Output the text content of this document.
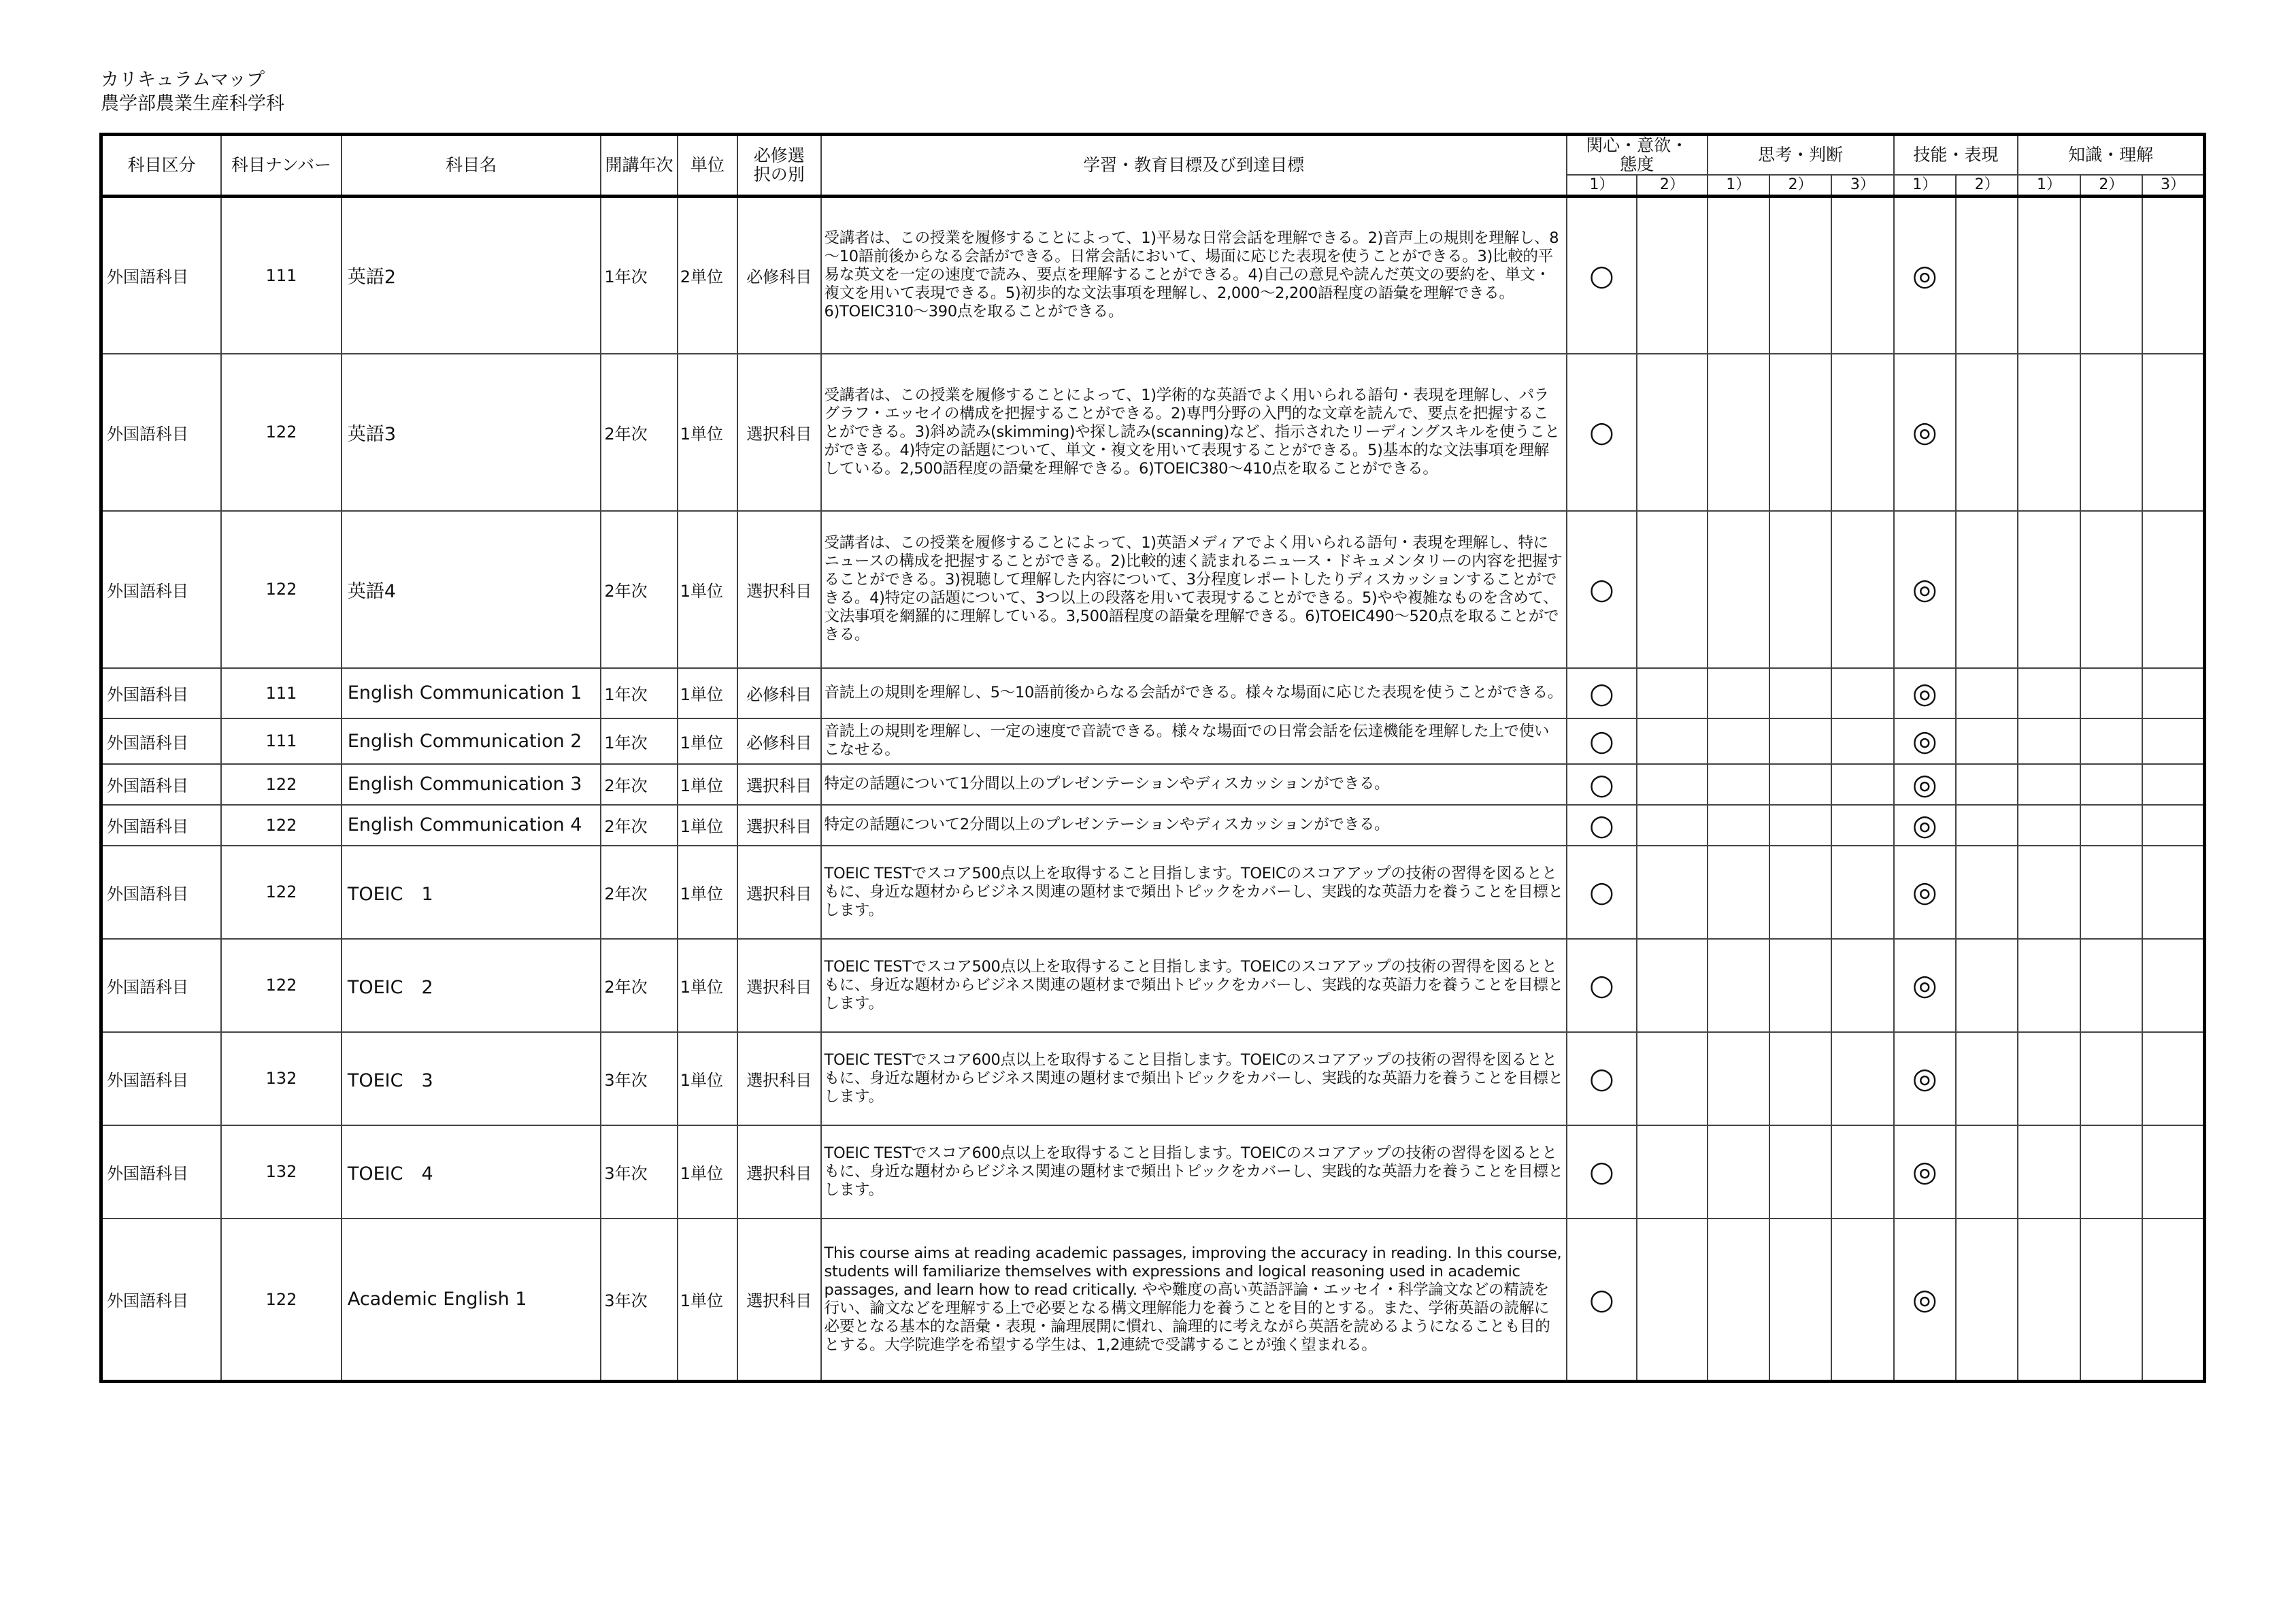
カリキュラムマップ
農学部農業生産科学科
科目区分	科目ナンバー	科目名	開講年次	単位	必修選択の別	学習・教育目標及び到達目標	関心・意欲・態度		思考・判断			技能・表現		知識・理解		
							1）	2）	1）	2）	3）	1）	2）	1）	2）	3）
外国語科目	111	英語2	1年次	2単位	必修科目	受講者は、この授業を履修することによって、1)平易な日常会話を理解できる。2)音声上の規則を理解し、8～10語前後からなる会話ができる。日常会話において、場面に応じた表現を使うことができる。3)比較的平易な英文を一定の速度で読み、要点を理解することができる。4)自己の意見や読んだ英文の要約を、単文・複文を用いて表現できる。5)初歩的な文法事項を理解し、2,000～2,200語程度の語彙を理解できる。6)TOEIC310～390点を取ることができる。	○					◎				
外国語科目	122	英語3	2年次	1単位	選択科目	受講者は、この授業を履修することによって、1)学術的な英語でよく用いられる語句・表現を理解し、パラグラフ・エッセイの構成を把握することができる。2)専門分野の入門的な文章を読んで、要点を把握することができる。3)斜め読み(skimming)や探し読み(scanning)など、指示されたリーディングスキルを使うことができる。4)特定の話題について、単文・複文を用いて表現することができる。5)基本的な文法事項を理解している。2,500語程度の語彙を理解できる。6)TOEIC380～410点を取ることができる。	○					◎				
外国語科目	122	英語4	2年次	1単位	選択科目	受講者は、この授業を履修することによって、1)英語メディアでよく用いられる語句・表現を理解し、特にニュースの構成を把握することができる。2)比較的速く読まれるニュース・ドキュメンタリーの内容を把握することができる。3)視聴して理解した内容について、3分程度レポートしたりディスカッションすることができる。4)特定の話題について、3つ以上の段落を用いて表現することができる。5)やや複雑なものを含めて、文法事項を網羅的に理解している。3,500語程度の語彙を理解できる。6)TOEIC490～520点を取ることができる。	○					◎				
外国語科目	111	English Communication 1	1年次	1単位	必修科目	音読上の規則を理解し、5～10語前後からなる会話ができる。様々な場面に応じた表現を使うことができる。	○					◎				
外国語科目	111	English Communication 2	1年次	1単位	必修科目	音読上の規則を理解し、一定の速度で音読できる。様々な場面での日常会話を伝達機能を理解した上で使いこなせる。	○					◎				
外国語科目	122	English Communication 3	2年次	1単位	選択科目	特定の話題について1分間以上のプレゼンテーションやディスカッションができる。	○					◎				
外国語科目	122	English Communication 4	2年次	1単位	選択科目	特定の話題について2分間以上のプレゼンテーションやディスカッションができる。	○					◎				
外国語科目	122	TOEIC　1	2年次	1単位	選択科目	TOEIC TESTでスコア500点以上を取得すること目指します。TOEICのスコアアップの技術の習得を図るとともに、身近な題材からビジネス関連の題材まで頻出トピックをカバーし、実践的な英語力を養うことを目標とします。	○					◎				
外国語科目	122	TOEIC　2	2年次	1単位	選択科目	TOEIC TESTでスコア500点以上を取得すること目指します。TOEICのスコアアップの技術の習得を図るとともに、身近な題材からビジネス関連の題材まで頻出トピックをカバーし、実践的な英語力を養うことを目標とします。	○					◎				
外国語科目	132	TOEIC　3	3年次	1単位	選択科目	TOEIC TESTでスコア600点以上を取得すること目指します。TOEICのスコアアップの技術の習得を図るとともに、身近な題材からビジネス関連の題材まで頻出トピックをカバーし、実践的な英語力を養うことを目標とします。	○					◎				
外国語科目	132	TOEIC　4	3年次	1単位	選択科目	TOEIC TESTでスコア600点以上を取得すること目指します。TOEICのスコアアップの技術の習得を図るとともに、身近な題材からビジネス関連の題材まで頻出トピックをカバーし、実践的な英語力を養うことを目標とします。	○					◎				
外国語科目	122	Academic English 1	3年次	1単位	選択科目	This course aims at reading academic passages, improving the accuracy in reading. In this course, students will familiarize themselves with expressions and logical reasoning used in academic passages, and learn how to read critically. やや難度の高い英語評論・エッセイ・科学論文などの精読を行い、論文などを理解する上で必要となる構文理解能力を養うことを目的とする。また、学術英語の読解に必要となる基本的な語彙・表現・論理展開に慣れ、論理的に考えながら英語を読めるようになることも目的とする。大学院進学を希望する学生は、1,2連続で受講することが強く望まれる。	○					◎				
